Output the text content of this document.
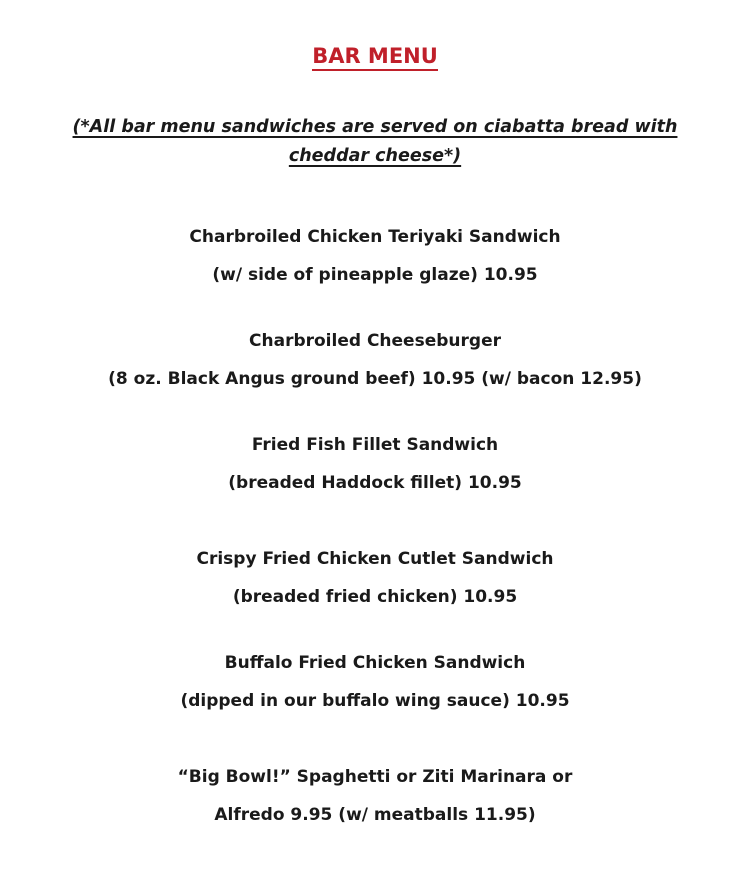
BAR MENU
(*All bar menu sandwiches are served on ciabatta bread with cheddar cheese*)
Charbroiled Chicken Teriyaki Sandwich
(w/ side of pineapple glaze) 10.95
Charbroiled Cheeseburger
(8 oz. Black Angus ground beef) 10.95 (w/ bacon 12.95)
Fried Fish Fillet Sandwich
(breaded Haddock fillet) 10.95
Crispy Fried Chicken Cutlet Sandwich
(breaded fried chicken) 10.95
Buffalo Fried Chicken Sandwich
(dipped in our buffalo wing sauce) 10.95
“Big Bowl!” Spaghetti or Ziti Marinara or
Alfredo 9.95 (w/ meatballs 11.95)
